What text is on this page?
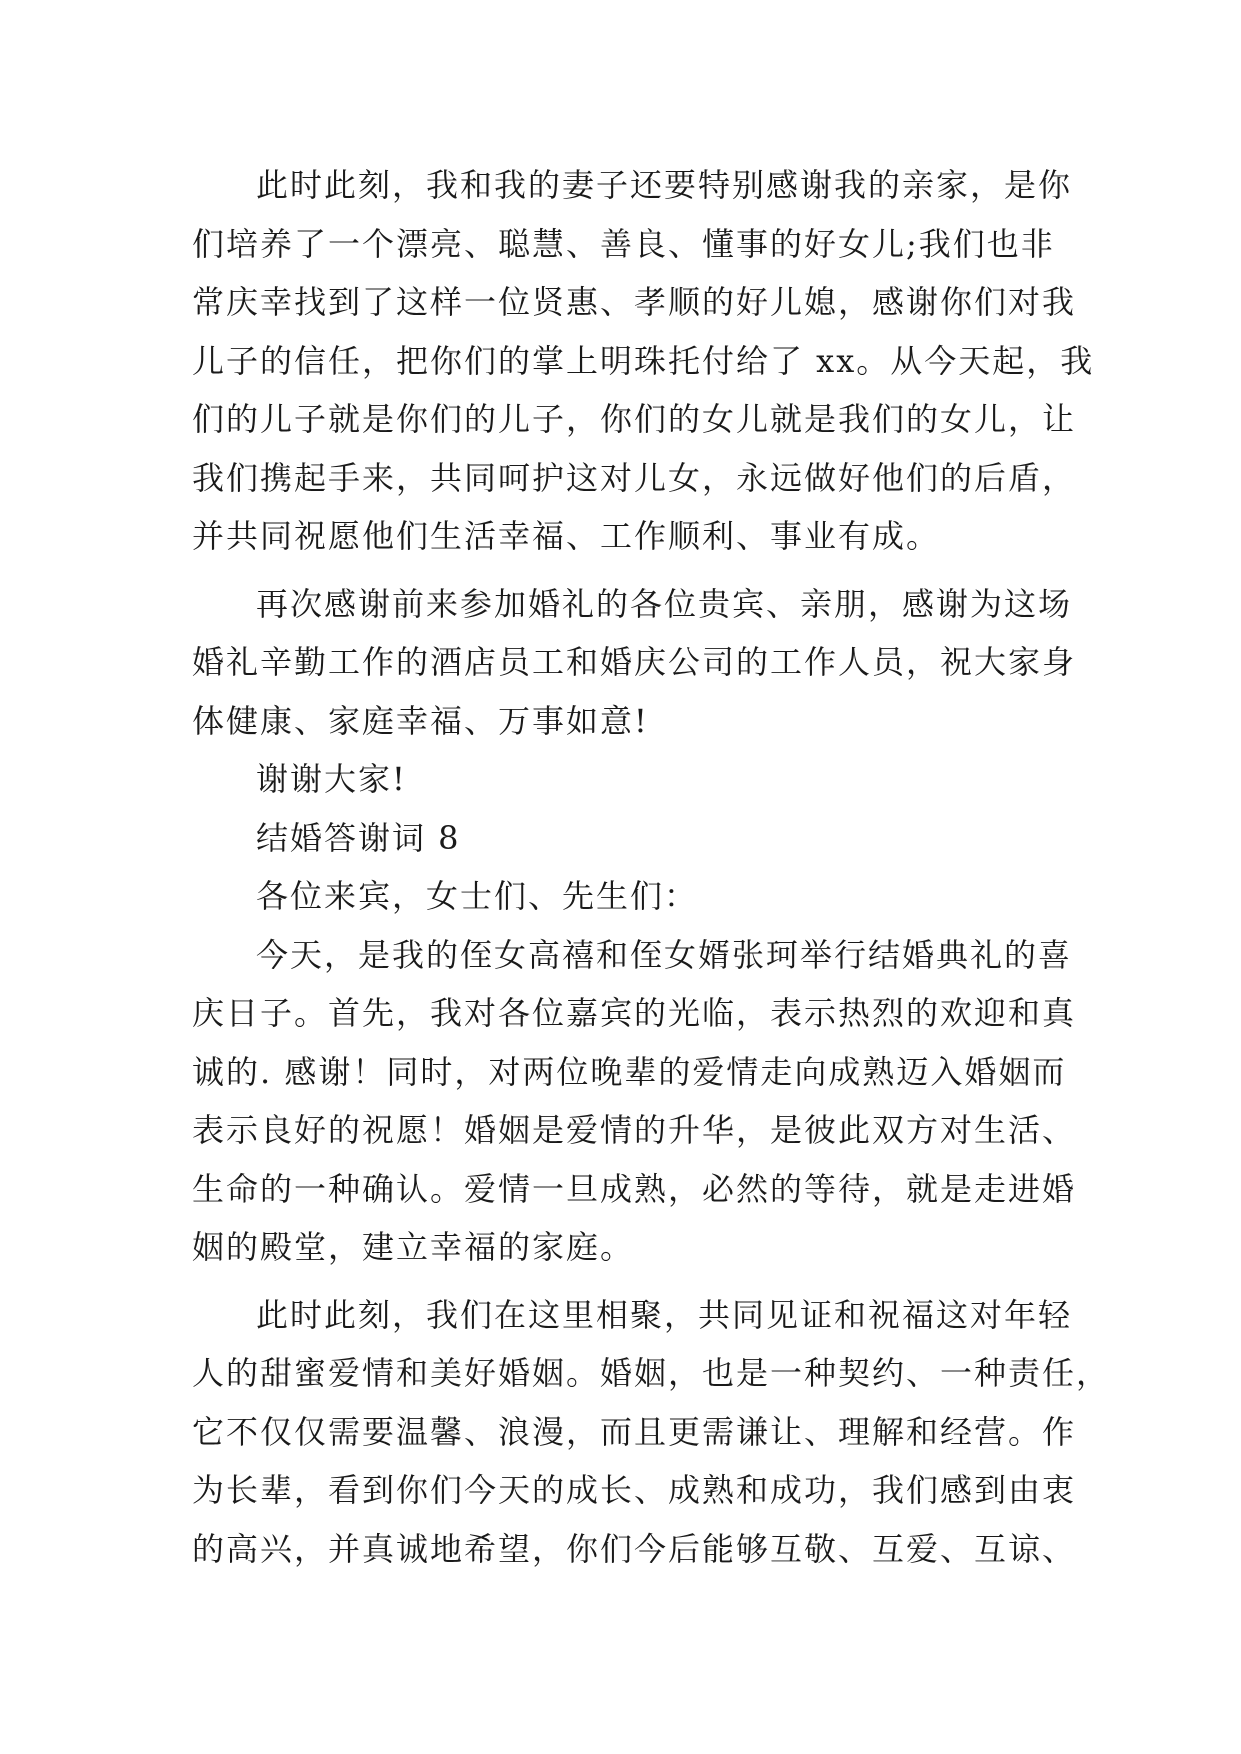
此时此刻，我和我的妻子还要特别感谢我的亲家，是你
们培养了一个漂亮、聪慧、善良、懂事的好女儿;我们也非
常庆幸找到了这样一位贤惠、孝顺的好儿媳，感谢你们对我
儿子的信任，把你们的掌上明珠托付给了 xx。从今天起，我
们的儿子就是你们的儿子，你们的女儿就是我们的女儿，让
我们携起手来，共同呵护这对儿女，永远做好他们的后盾，
并共同祝愿他们生活幸福、工作顺利、事业有成。
再次感谢前来参加婚礼的各位贵宾、亲朋，感谢为这场
婚礼辛勤工作的酒店员工和婚庆公司的工作人员，祝大家身
体健康、家庭幸福、万事如意!
谢谢大家!
结婚答谢词 8
各位来宾，女士们、先生们：
今天，是我的侄女高禧和侄女婿张珂举行结婚典礼的喜
庆日子。首先，我对各位嘉宾的光临，表示热烈的欢迎和真
诚的. 感谢！同时，对两位晚辈的爱情走向成熟迈入婚姻而
表示良好的祝愿！婚姻是爱情的升华，是彼此双方对生活、
生命的一种确认。爱情一旦成熟，必然的等待，就是走进婚
姻的殿堂，建立幸福的家庭。
此时此刻，我们在这里相聚，共同见证和祝福这对年轻
人的甜蜜爱情和美好婚姻。婚姻，也是一种契约、一种责任，
它不仅仅需要温馨、浪漫，而且更需谦让、理解和经营。作
为长辈，看到你们今天的成长、成熟和成功，我们感到由衷
的高兴，并真诚地希望，你们今后能够互敬、互爱、互谅、
